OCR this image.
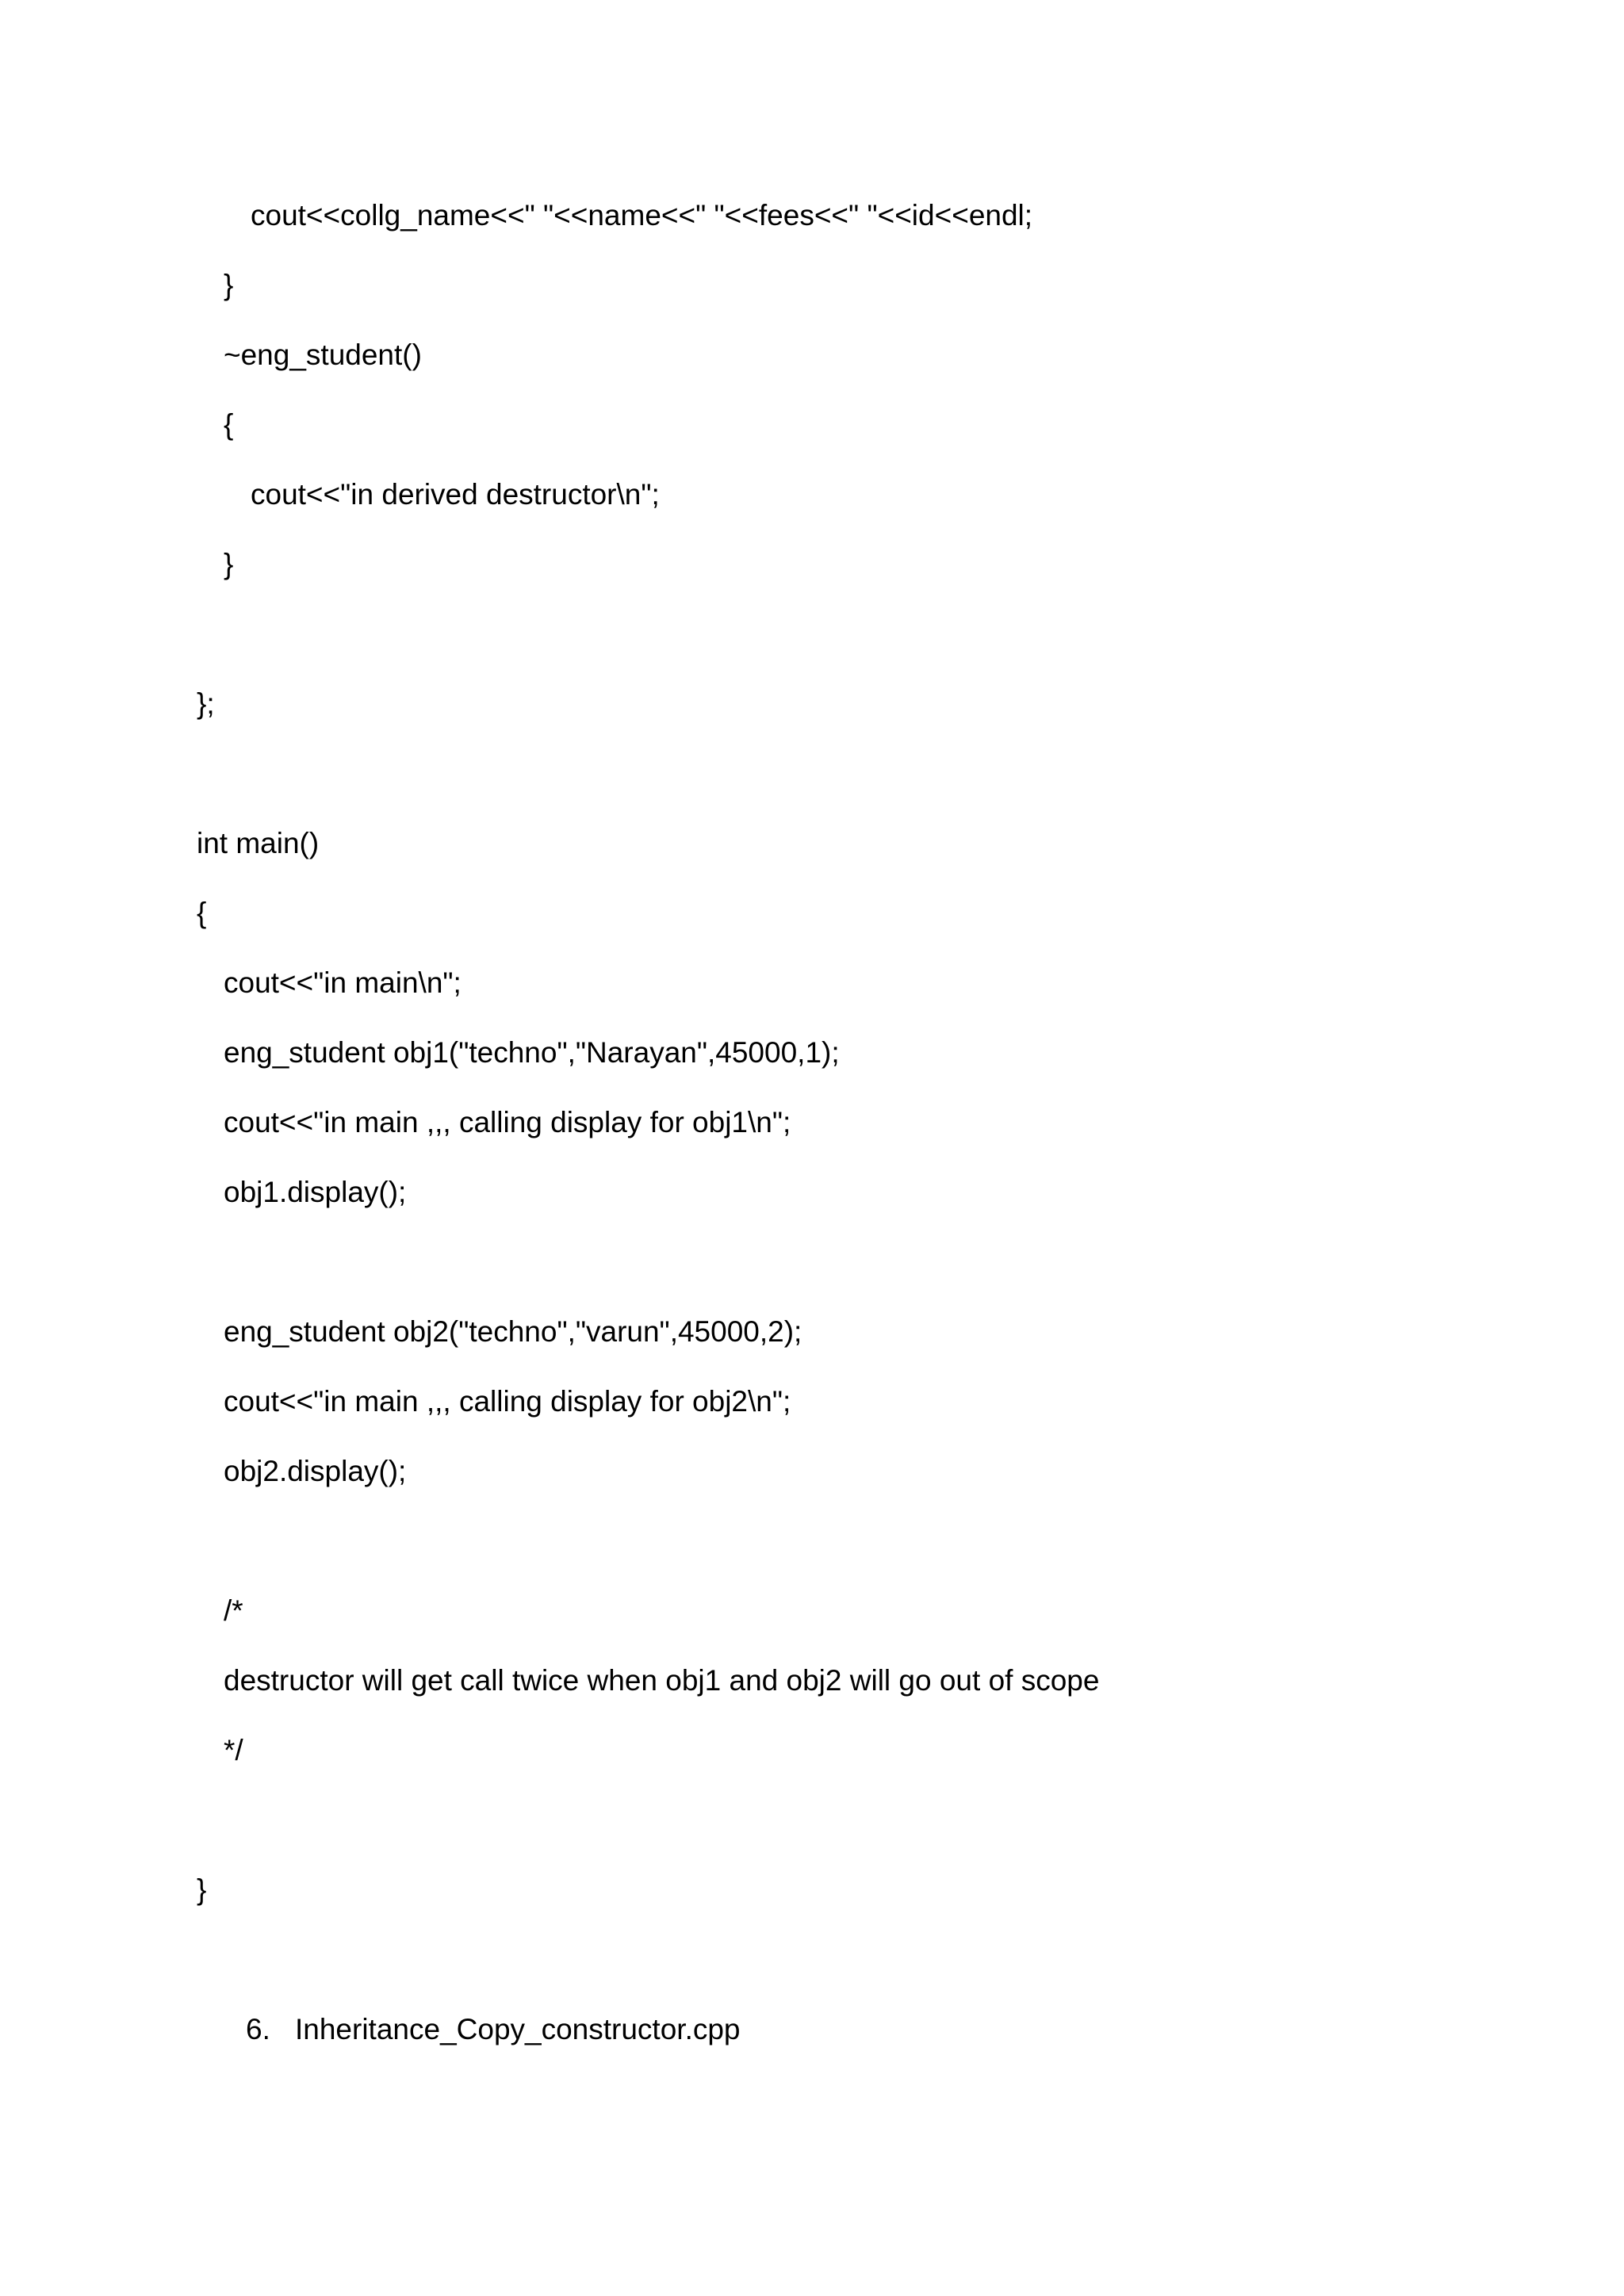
cout<<collg_name<<" "<<name<<" "<<fees<<" "<<id<<endl;
}
~eng_student()
{
cout<<"in derived destructor\n";
}
};
int main()
{
cout<<"in main\n";
eng_student obj1("techno","Narayan",45000,1);
cout<<"in main ,,, calling display for obj1\n";
obj1.display();
eng_student obj2("techno","varun",45000,2);
cout<<"in main ,,, calling display for obj2\n";
obj2.display();
/*
destructor will get call twice when obj1 and obj2 will go out of scope
*/
}
6. Inheritance_Copy_constructor.cpp
